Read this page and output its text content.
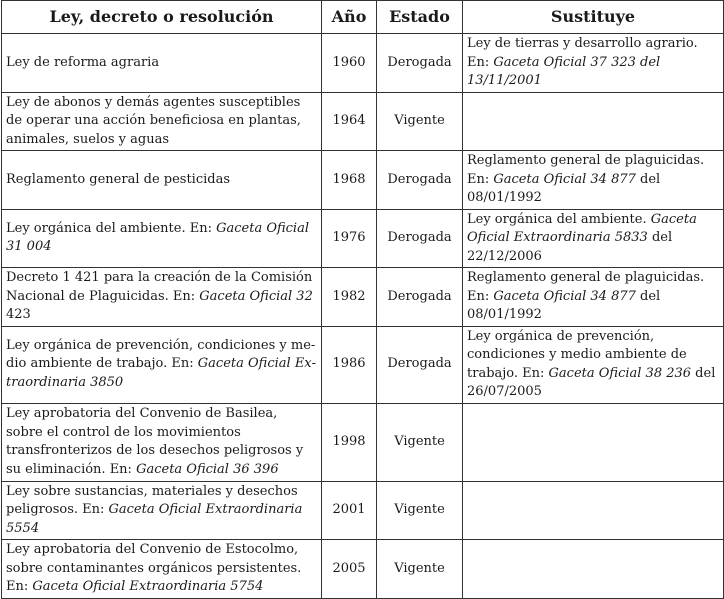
Ley, decreto o resolución	Año	Estado	Sustituye
Ley de reforma agraria	1960	Derogada	Ley de tierras y desarrollo agrario. En: Gaceta Oficial 37 323 del 13/11/2001
Ley de abonos y demás agentes susceptibles de operar una acción beneficiosa en plantas, animales, suelos y aguas	1964	Vigente	
Reglamento general de pesticidas	1968	Derogada	Reglamento general de plaguicidas. En: Gaceta Oficial 34 877 del 08/01/1992
Ley orgánica del ambiente. En: Gaceta Oficial 31 004	1976	Derogada	Ley orgánica del ambiente. Gaceta Oficial Extraordinaria 5833 del 22/12/2006
Decreto 1 421 para la creación de la Comisión Nacional de Plaguicidas. En: Gaceta Oficial 32 423	1982	Derogada	Reglamento general de plaguicidas. En: Gaceta Oficial 34 877 del 08/01/1992
Ley orgánica de prevención, condiciones y medio ambiente de trabajo. En: Gaceta Oficial Extraordinaria 3850	1986	Derogada	Ley orgánica de prevención, condiciones y medio ambiente de trabajo. En: Gaceta Oficial 38 236 del 26/07/2005
Ley aprobatoria del Convenio de Basilea, sobre el control de los movimientos transfronterizos de los desechos peligrosos y su eliminación. En: Gaceta Oficial 36 396	1998	Vigente	
Ley sobre sustancias, materiales y desechos peligrosos. En: Gaceta Oficial Extraordinaria 5554	2001	Vigente	
Ley aprobatoria del Convenio de Estocolmo, sobre contaminantes orgánicos persistentes. En: Gaceta Oficial Extraordinaria 5754	2005	Vigente	
